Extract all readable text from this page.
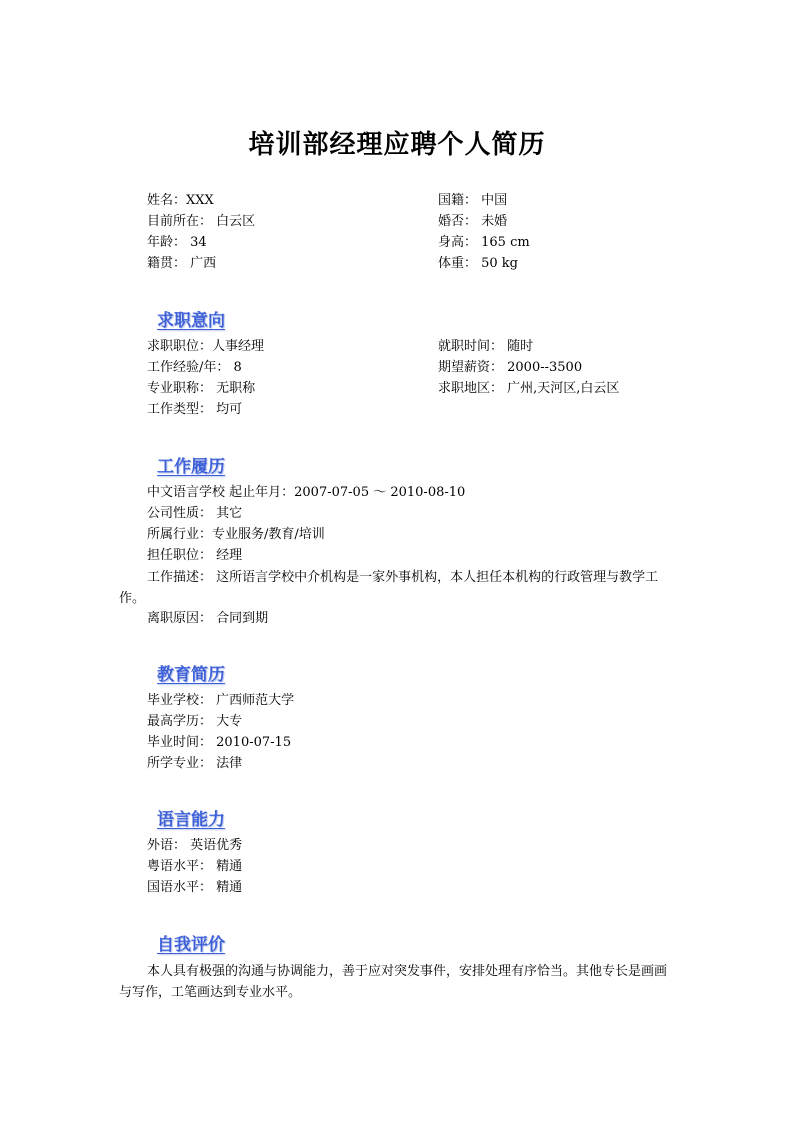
培训部经理应聘个人简历
姓名：XXX	国籍： 中国
目前所在： 白云区	婚否： 未婚
年龄： 34	身高： 165 cm
籍贯： 广西	体重： 50 kg
求职意向
求职职位：人事经理	就职时间： 随时
工作经验/年： 8	期望薪资： 2000--3500
专业职称： 无职称	求职地区： 广州,天河区,白云区
工作类型： 均可
工作履历
中文语言学校 起止年月：2007-07-05 ～ 2010-08-10
公司性质： 其它
所属行业：专业服务/教育/培训
担任职位： 经理
工作描述： 这所语言学校中介机构是一家外事机构，本人担任本机构的行政管理与教学工作。
离职原因： 合同到期
教育简历
毕业学校： 广西师范大学
最高学历： 大专
毕业时间： 2010-07-15
所学专业： 法律
语言能力
外语： 英语优秀
粤语水平： 精通
国语水平： 精通
自我评价
本人具有极强的沟通与协调能力，善于应对突发事件，安排处理有序恰当。其他专长是画画与写作，工笔画达到专业水平。
